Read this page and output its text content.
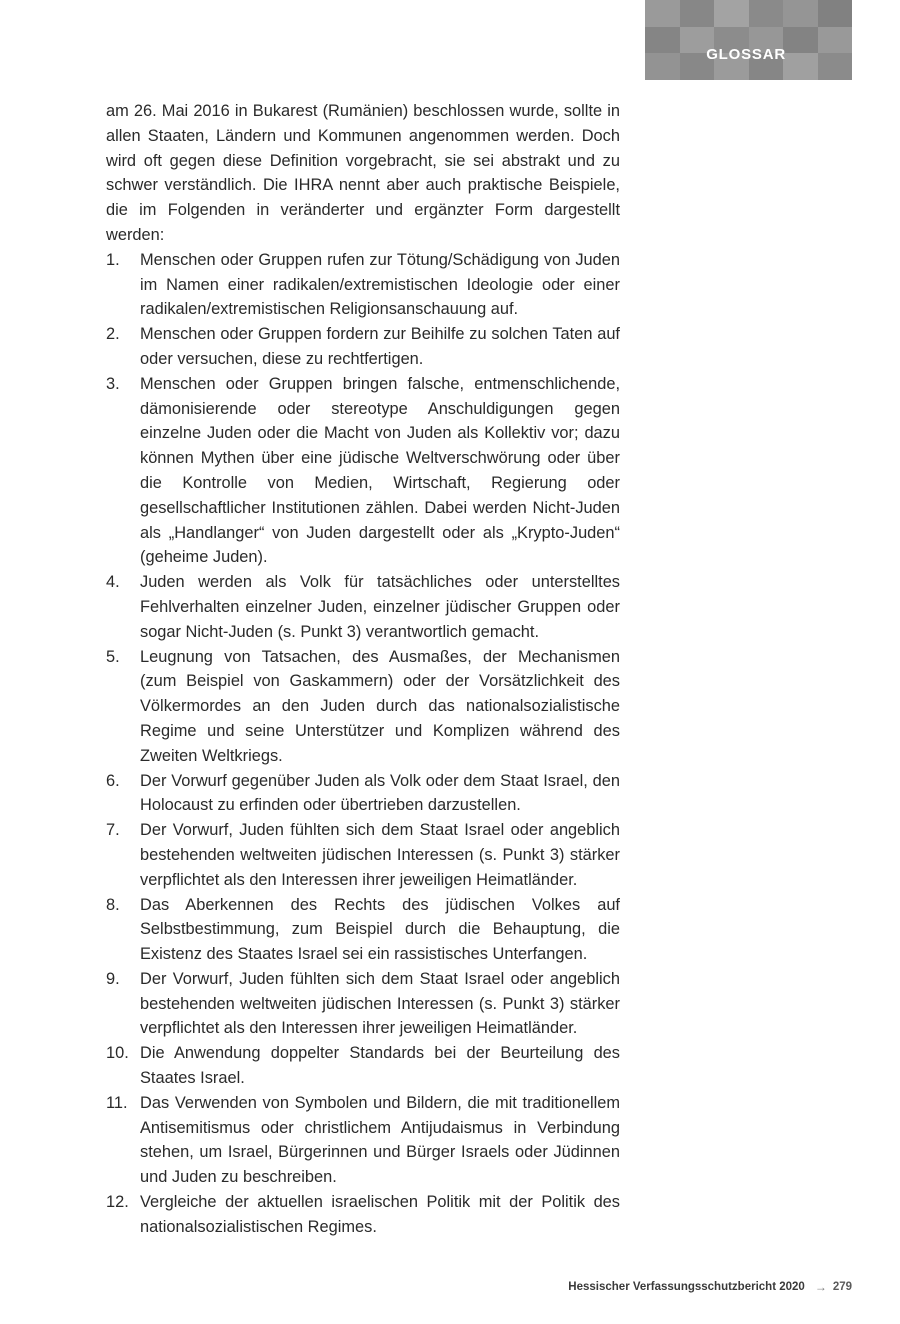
GLOSSAR

am 26. Mai 2016 in Bukarest (Rumänien) beschlossen wurde, sollte in allen Staaten, Ländern und Kommunen angenommen werden. Doch wird oft gegen diese Definition vorgebracht, sie sei abstrakt und zu schwer verständlich. Die IHRA nennt aber auch praktische Beispiele, die im Folgenden in veränderter und ergänzter Form dargestellt werden:

1. Menschen oder Gruppen rufen zur Tötung/Schädigung von Juden im Namen einer radikalen/extremistischen Ideologie oder einer radikalen/extremistischen Religionsanschauung auf.
2. Menschen oder Gruppen fordern zur Beihilfe zu solchen Taten auf oder versuchen, diese zu rechtfertigen.
3. Menschen oder Gruppen bringen falsche, entmenschlichende, dämonisierende oder stereotype Anschuldigungen gegen einzelne Juden oder die Macht von Juden als Kollektiv vor; dazu können Mythen über eine jüdische Weltverschwörung oder über die Kontrolle von Medien, Wirtschaft, Regierung oder gesellschaftlicher Institutionen zählen. Dabei werden Nicht-Juden als „Handlanger“ von Juden dargestellt oder als „Krypto-Juden“ (geheime Juden).
4. Juden werden als Volk für tatsächliches oder unterstelltes Fehlverhalten einzelner Juden, einzelner jüdischer Gruppen oder sogar Nicht-Juden (s. Punkt 3) verantwortlich gemacht.
5. Leugnung von Tatsachen, des Ausmaßes, der Mechanismen (zum Beispiel von Gaskammern) oder der Vorsätzlichkeit des Völkermordes an den Juden durch das nationalsozialistische Regime und seine Unterstützer und Komplizen während des Zweiten Weltkriegs.
6. Der Vorwurf gegenüber Juden als Volk oder dem Staat Israel, den Holocaust zu erfinden oder übertrieben darzustellen.
7. Der Vorwurf, Juden fühlten sich dem Staat Israel oder angeblich bestehenden weltweiten jüdischen Interessen (s. Punkt 3) stärker verpflichtet als den Interessen ihrer jeweiligen Heimatländer.
8. Das Aberkennen des Rechts des jüdischen Volkes auf Selbstbestimmung, zum Beispiel durch die Behauptung, die Existenz des Staates Israel sei ein rassistisches Unterfangen.
9. Der Vorwurf, Juden fühlten sich dem Staat Israel oder angeblich bestehenden weltweiten jüdischen Interessen (s. Punkt 3) stärker verpflichtet als den Interessen ihrer jeweiligen Heimatländer.
10. Die Anwendung doppelter Standards bei der Beurteilung des Staates Israel.
11. Das Verwenden von Symbolen und Bildern, die mit traditionellem Antisemitismus oder christlichem Antijudaismus in Verbindung stehen, um Israel, Bürgerinnen und Bürger Israels oder Jüdinnen und Juden zu beschreiben.
12. Vergleiche der aktuellen israelischen Politik mit der Politik des nationalsozialistischen Regimes.
Hessischer Verfassungsschutzbericht 2020 → 279
